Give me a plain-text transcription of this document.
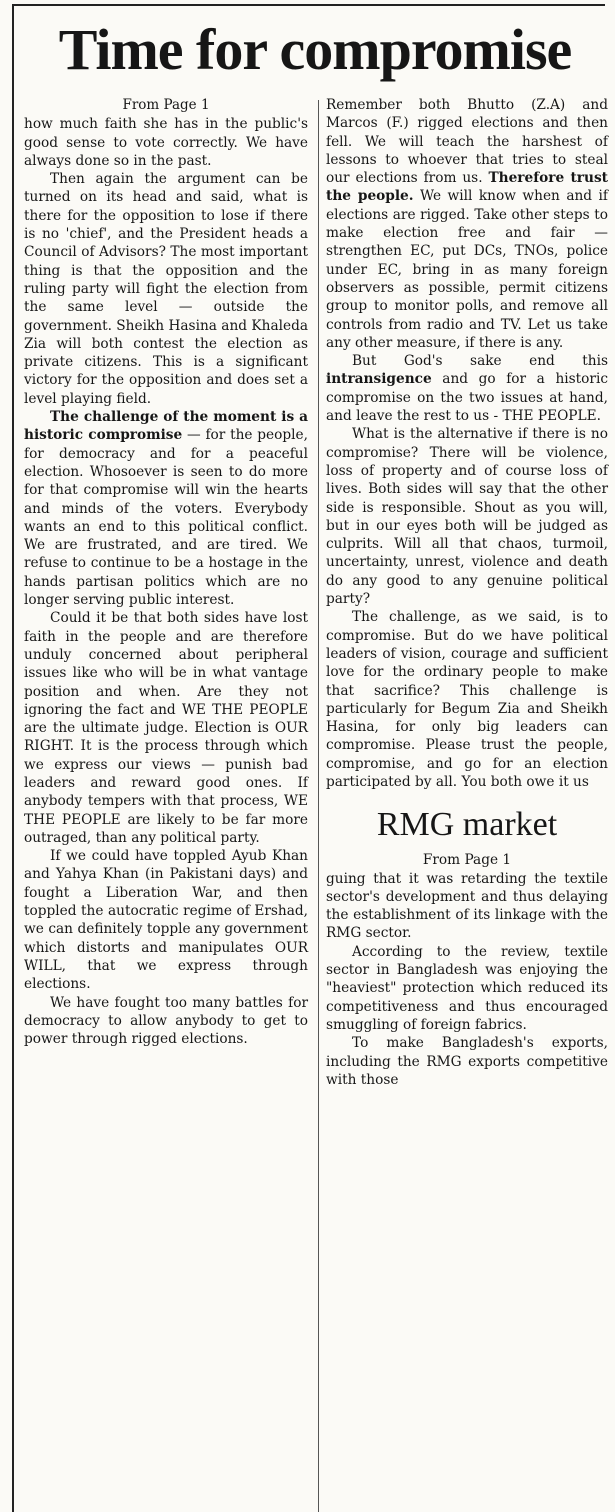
Time for compromise

From Page 1

how much faith she has in the public's good sense to vote correctly. We have always done so in the past.

Then again the argument can be turned on its head and said, what is there for the opposition to lose if there is no 'chief', and the President heads a Council of Advisors? The most important thing is that the opposition and the ruling party will fight the election from the same level — outside the government. Sheikh Hasina and Khaleda Zia will both contest the election as private citizens. This is a significant victory for the opposition and does set a level playing field.

The challenge of the moment is a historic compromise — for the people, for democracy and for a peaceful election. Whosoever is seen to do more for that compromise will win the hearts and minds of the voters. Everybody wants an end to this political conflict. We are frustrated, and are tired. We refuse to continue to be a hostage in the hands partisan politics which are no longer serving public interest.

Could it be that both sides have lost faith in the people and are therefore unduly concerned about peripheral issues like who will be in what vantage position and when. Are they not ignoring the fact and WE THE PEOPLE are the ultimate judge. Election is OUR RIGHT. It is the process through which we express our views — punish bad leaders and reward good ones. If anybody tempers with that process, WE THE PEOPLE are likely to be far more outraged, than any political party.

If we could have toppled Ayub Khan and Yahya Khan (in Pakistani days) and fought a Liberation War, and then toppled the autocratic regime of Ershad, we can definitely topple any government which distorts and manipulates OUR WILL, that we express through elections.

We have fought too many battles for democracy to allow anybody to get to power through rigged elections.

Remember both Bhutto (Z.A) and Marcos (F.) rigged elections and then fell. We will teach the harshest of lessons to whoever that tries to steal our elections from us. Therefore trust the people. We will know when and if elections are rigged. Take other steps to make election free and fair — strengthen EC, put DCs, TNOs, police under EC, bring in as many foreign observers as possible, permit citizens group to monitor polls, and remove all controls from radio and TV. Let us take any other measure, if there is any.

But God's sake end this intransigence and go for a historic compromise on the two issues at hand, and leave the rest to us - THE PEOPLE.

What is the alternative if there is no compromise? There will be violence, loss of property and of course loss of lives. Both sides will say that the other side is responsible. Shout as you will, but in our eyes both will be judged as culprits. Will all that chaos, turmoil, uncertainty, unrest, violence and death do any good to any genuine political party?

The challenge, as we said, is to compromise. But do we have political leaders of vision, courage and sufficient love for the ordinary people to make that sacrifice? This challenge is particularly for Begum Zia and Sheikh Hasina, for only big leaders can compromise. Please trust the people, compromise, and go for an election participated by all. You both owe it us

RMG market

From Page 1

guing that it was retarding the textile sector's development and thus delaying the establishment of its linkage with the RMG sector.

According to the review, textile sector in Bangladesh was enjoying the "heaviest" protection which reduced its competitiveness and thus encouraged smuggling of foreign fabrics.

To make Bangladesh's exports, including the RMG exports competitive with those
